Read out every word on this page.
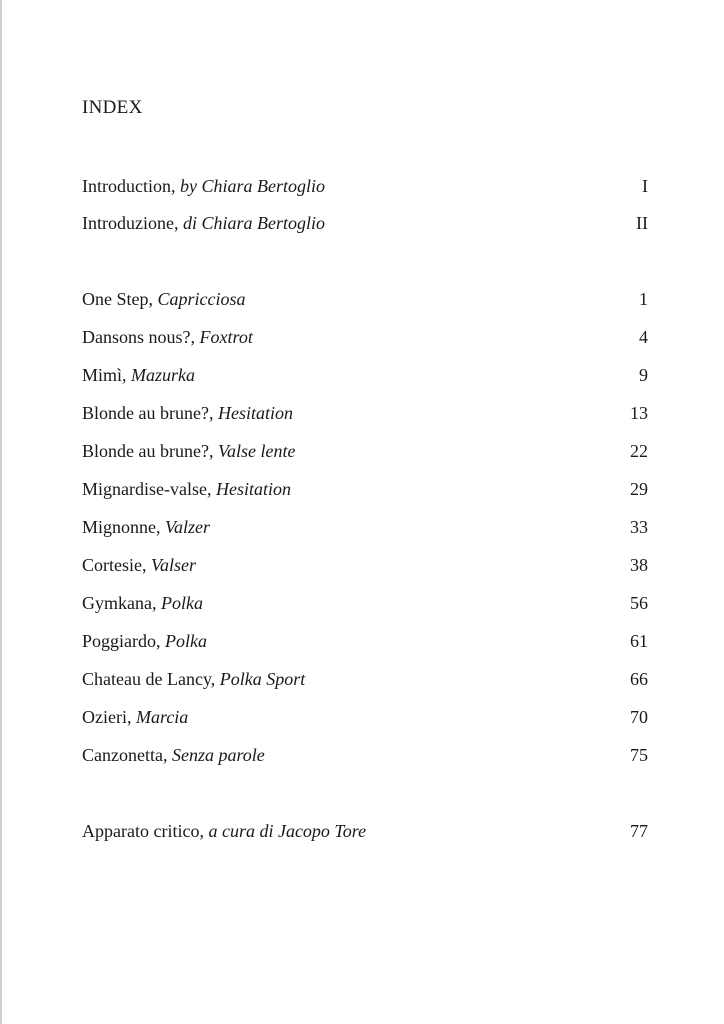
INDEX
Introduction, by Chiara Bertoglio	I
Introduzione, di Chiara Bertoglio	II
One Step, Capricciosa	1
Dansons nous?, Foxtrot	4
Mimì, Mazurka	9
Blonde au brune?, Hesitation	13
Blonde au brune?, Valse lente	22
Mignardise-valse, Hesitation	29
Mignonne, Valzer	33
Cortesie, Valser	38
Gymkana, Polka	56
Poggiardo, Polka	61
Chateau de Lancy, Polka Sport	66
Ozieri, Marcia	70
Canzonetta, Senza parole	75
Apparato critico, a cura di Jacopo Tore	77
